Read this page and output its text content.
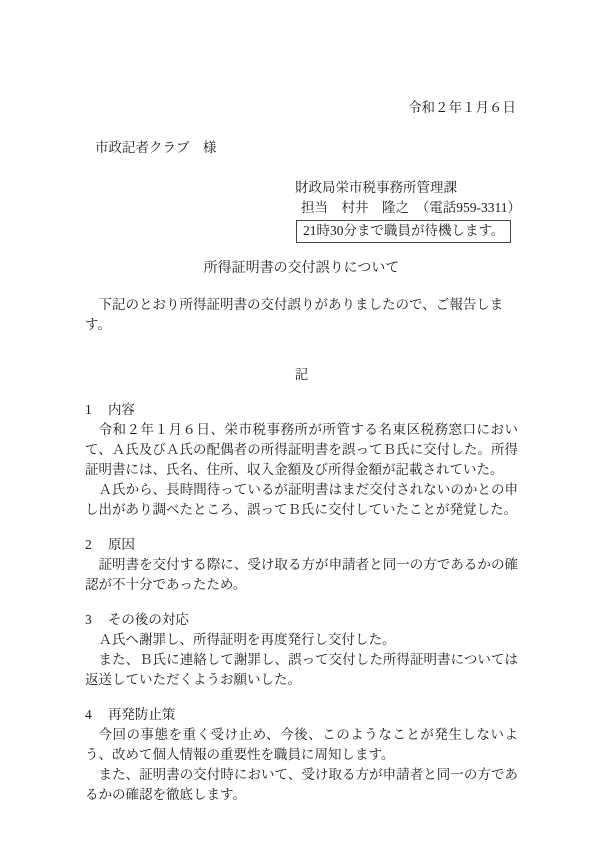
令和２年１月６日
市政記者クラブ　様
財政局栄市税事務所管理課
担当　村井　隆之　（電話959-3311）
21時30分まで職員が待機します。
所得証明書の交付誤りについて
下記のとおり所得証明書の交付誤りがありましたので、ご報告します。
記
1 内容

令和２年１月６日、栄市税事務所が所管する名東区税務窓口において、Ａ氏及びＡ氏の配偶者の所得証明書を誤ってＢ氏に交付した。所得証明書には、氏名、住所、収入金額及び所得金額が記載されていた。

Ａ氏から、長時間待っているが証明書はまだ交付されないのかとの申し出があり調べたところ、誤ってＢ氏に交付していたことが発覚した。

2 原因

証明書を交付する際に、受け取る方が申請者と同一の方であるかの確認が不十分であったため。

3 その後の対応

Ａ氏へ謝罪し、所得証明を再度発行し交付した。

また、Ｂ氏に連絡して謝罪し、誤って交付した所得証明書については返送していただくようお願いした。

4 再発防止策

今回の事態を重く受け止め、今後、このようなことが発生しないよう、改めて個人情報の重要性を職員に周知します。

また、証明書の交付時において、受け取る方が申請者と同一の方であるかの確認を徹底します。
